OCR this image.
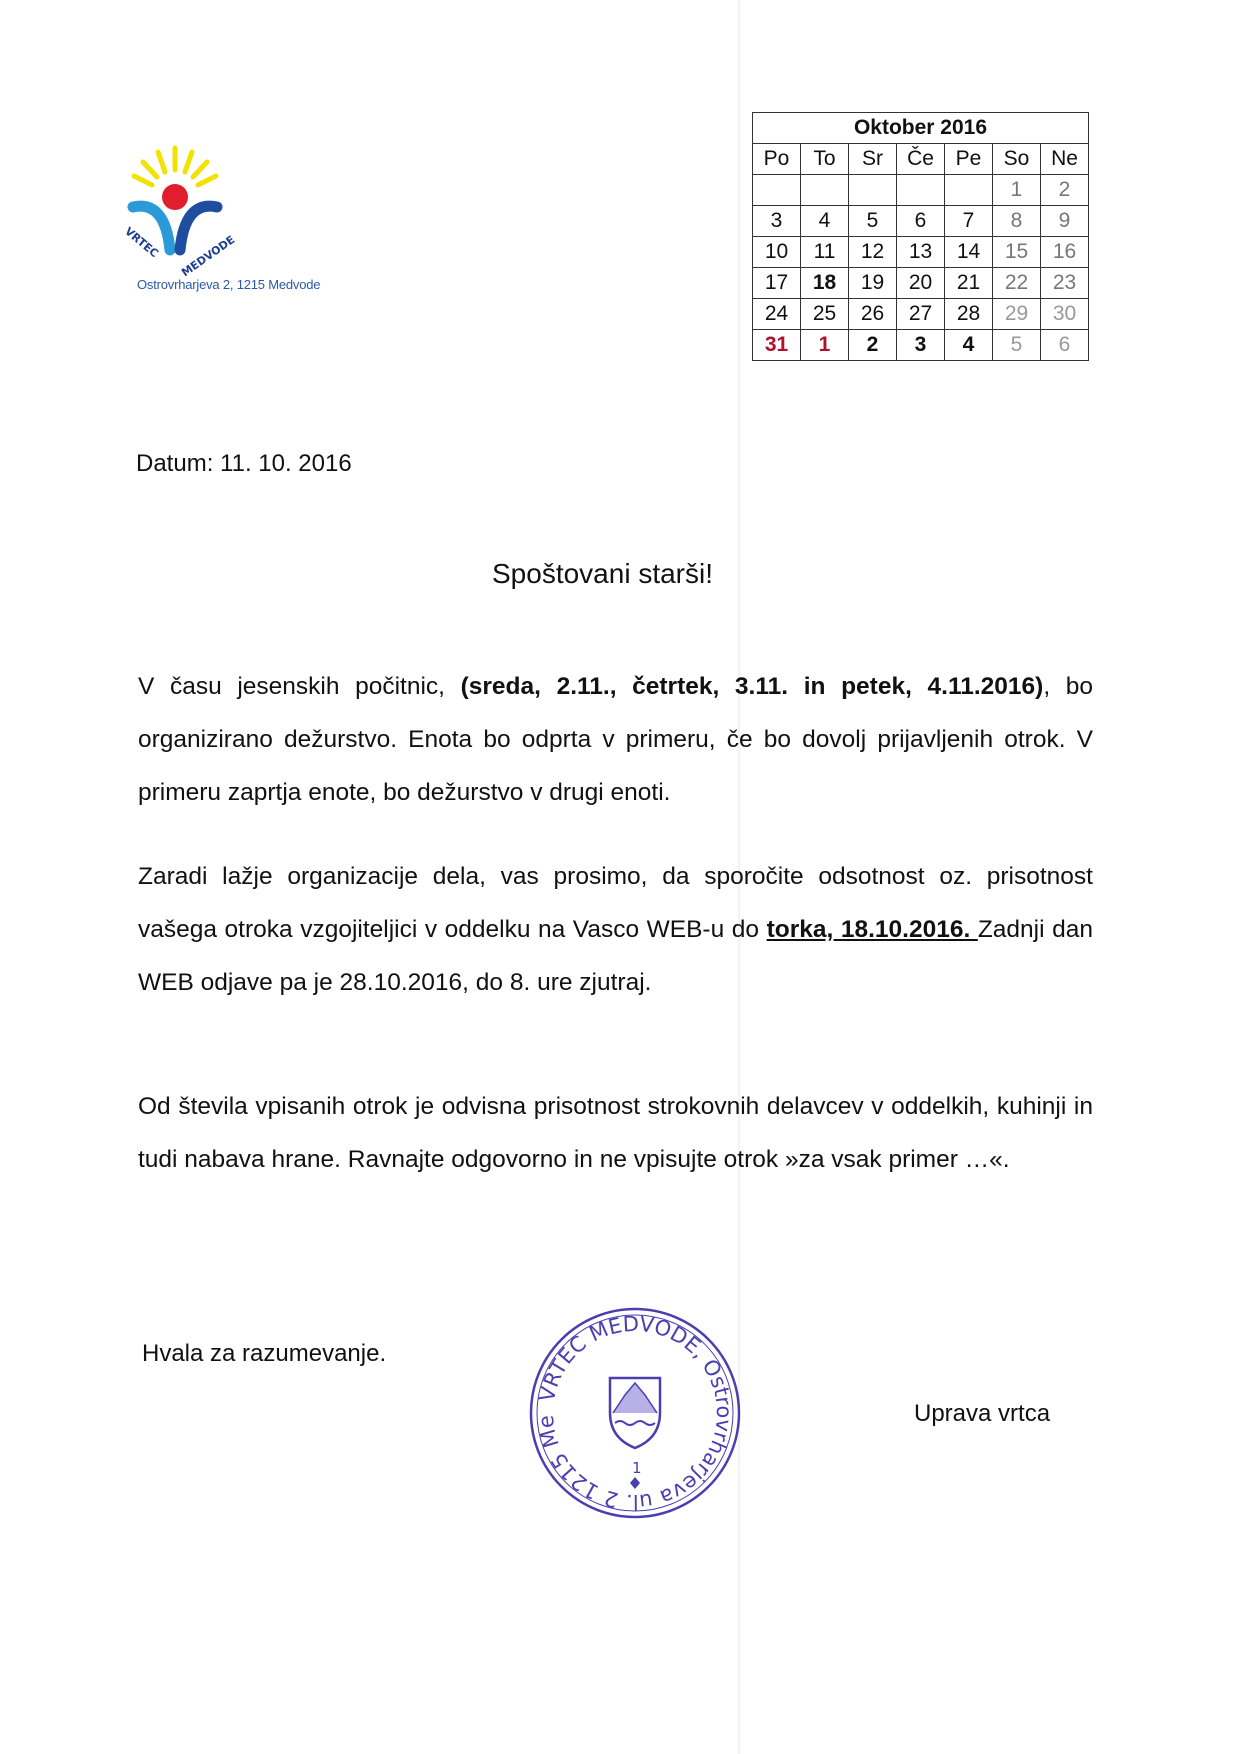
VRTEC MEDVODE
Ostrovrharjeva 2, 1215 Medvode
Oktober 2016						
Po	To	Sr	Če	Pe	So	Ne
					1	2
3	4	5	6	7	8	9
10	11	12	13	14	15	16
17	18	19	20	21	22	23
24	25	26	27	28	29	30
31	1	2	3	4	5	6
Datum: 11. 10. 2016
Spoštovani starši!
V času jesenskih počitnic, (sreda, 2.11., četrtek, 3.11. in petek, 4.11.2016), bo organizirano dežurstvo. Enota bo odprta v primeru, če bo dovolj prijavljenih otrok. V primeru zaprtja enote, bo dežurstvo v drugi enoti.
Zaradi lažje organizacije dela, vas prosimo, da sporočite odsotnost oz. prisotnost vašega otroka vzgojiteljici v oddelku na Vasco WEB-u do torka, 18.10.2016. Zadnji dan WEB odjave pa je 28.10.2016, do 8. ure zjutraj.
Od števila vpisanih otrok je odvisna prisotnost strokovnih delavcev v oddelkih, kuhinji in tudi nabava hrane. Ravnajte odgovorno in ne vpisujte otrok »za vsak primer …«.
Hvala za razumevanje.
VRTEC MEDVODE, Ostrovrharjeva ul. 2 1215 Me
1
Uprava vrtca
